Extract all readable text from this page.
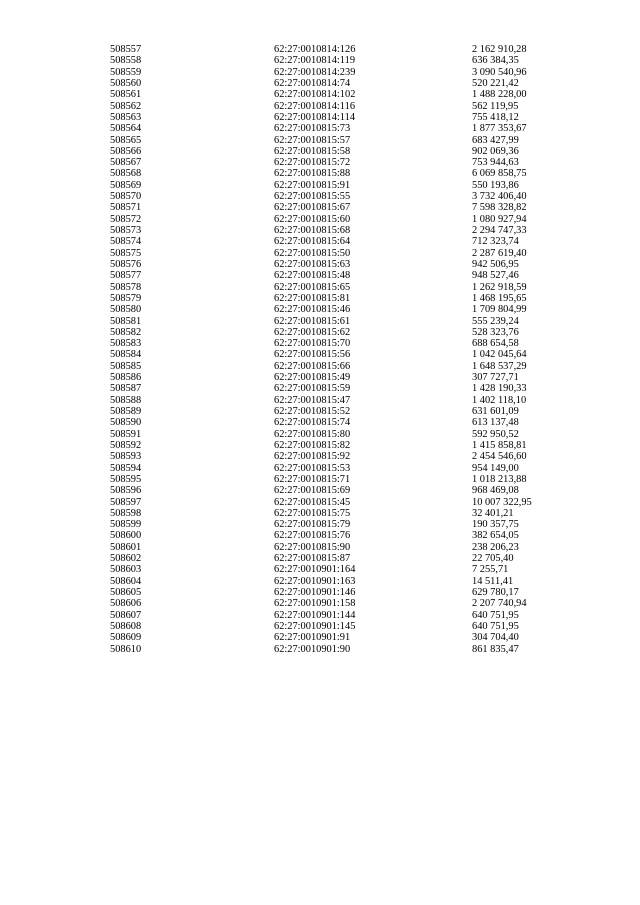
508557	62:27:0010814:126	2 162 910,28
508558	62:27:0010814:119	636 384,35
508559	62:27:0010814:239	3 090 540,96
508560	62:27:0010814:74	520 221,42
508561	62:27:0010814:102	1 488 228,00
508562	62:27:0010814:116	562 119,95
508563	62:27:0010814:114	755 418,12
508564	62:27:0010815:73	1 877 353,67
508565	62:27:0010815:57	683 427,99
508566	62:27:0010815:58	902 069,36
508567	62:27:0010815:72	753 944,63
508568	62:27:0010815:88	6 069 858,75
508569	62:27:0010815:91	550 193,86
508570	62:27:0010815:55	3 732 406,40
508571	62:27:0010815:67	7 598 328,82
508572	62:27:0010815:60	1 080 927,94
508573	62:27:0010815:68	2 294 747,33
508574	62:27:0010815:64	712 323,74
508575	62:27:0010815:50	2 287 619,40
508576	62:27:0010815:63	942 506,95
508577	62:27:0010815:48	948 527,46
508578	62:27:0010815:65	1 262 918,59
508579	62:27:0010815:81	1 468 195,65
508580	62:27:0010815:46	1 709 804,99
508581	62:27:0010815:61	555 239,24
508582	62:27:0010815:62	528 323,76
508583	62:27:0010815:70	688 654,58
508584	62:27:0010815:56	1 042 045,64
508585	62:27:0010815:66	1 648 537,29
508586	62:27:0010815:49	307 727,71
508587	62:27:0010815:59	1 428 190,33
508588	62:27:0010815:47	1 402 118,10
508589	62:27:0010815:52	631 601,09
508590	62:27:0010815:74	613 137,48
508591	62:27:0010815:80	592 950,52
508592	62:27:0010815:82	1 415 858,81
508593	62:27:0010815:92	2 454 546,60
508594	62:27:0010815:53	954 149,00
508595	62:27:0010815:71	1 018 213,88
508596	62:27:0010815:69	968 469,08
508597	62:27:0010815:45	10 007 322,95
508598	62:27:0010815:75	32 401,21
508599	62:27:0010815:79	190 357,75
508600	62:27:0010815:76	382 654,05
508601	62:27:0010815:90	238 206,23
508602	62:27:0010815:87	22 705,40
508603	62:27:0010901:164	7 255,71
508604	62:27:0010901:163	14 511,41
508605	62:27:0010901:146	629 780,17
508606	62:27:0010901:158	2 207 740,94
508607	62:27:0010901:144	640 751,95
508608	62:27:0010901:145	640 751,95
508609	62:27:0010901:91	304 704,40
508610	62:27:0010901:90	861 835,47
